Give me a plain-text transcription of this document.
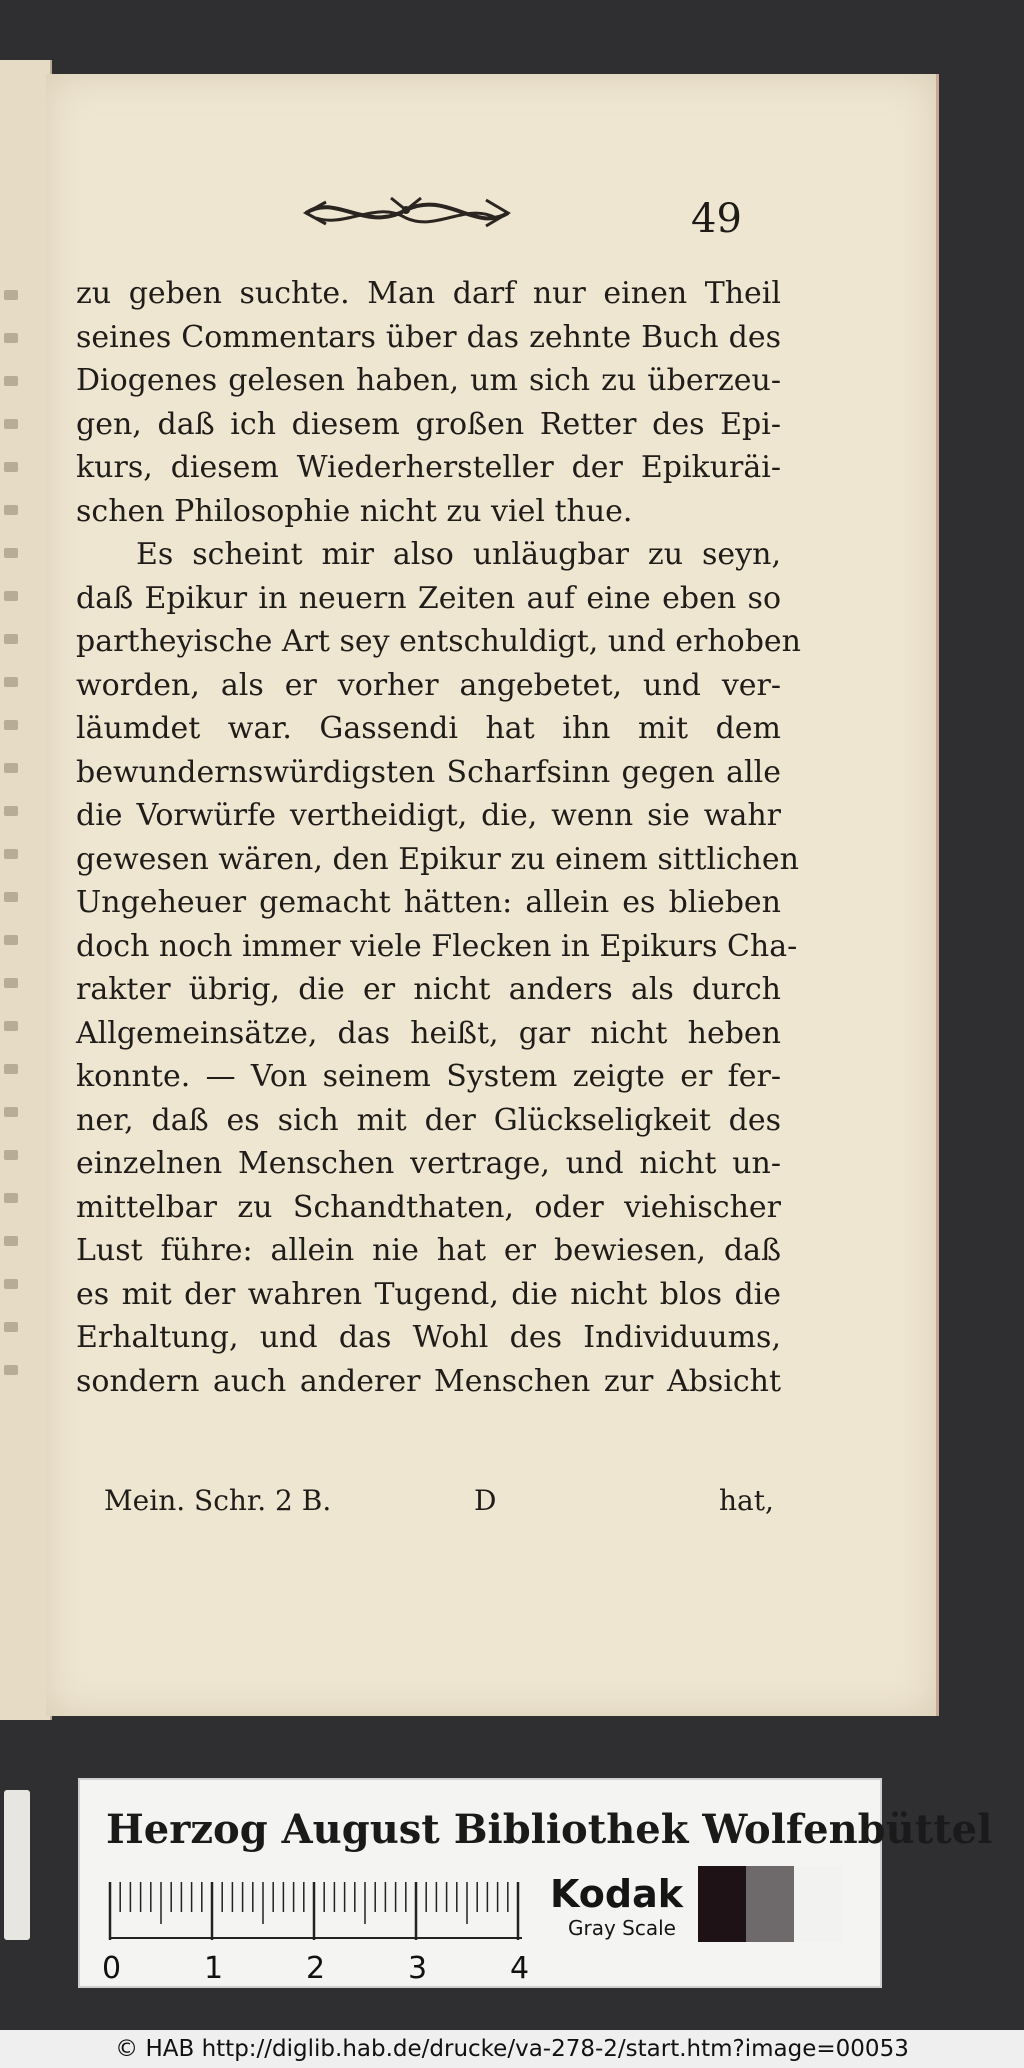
49
zu geben suchte. Man darf nur einen Theil
seines Commentars über das zehnte Buch des
Diogenes gelesen haben, um sich zu überzeu-
gen, daß ich diesem großen Retter des Epi-
kurs, diesem Wiederhersteller der Epikuräi-
schen Philosophie nicht zu viel thue.
Es scheint mir also unläugbar zu seyn,
daß Epikur in neuern Zeiten auf eine eben so
partheyische Art sey entschuldigt, und erhoben
worden, als er vorher angebetet, und ver-
läumdet war. Gassendi hat ihn mit dem
bewundernswürdigsten Scharfsinn gegen alle
die Vorwürfe vertheidigt, die, wenn sie wahr
gewesen wären, den Epikur zu einem sittlichen
Ungeheuer gemacht hätten: allein es blieben
doch noch immer viele Flecken in Epikurs Cha-
rakter übrig, die er nicht anders als durch
Allgemeinsätze, das heißt, gar nicht heben
konnte. — Von seinem System zeigte er fer-
ner, daß es sich mit der Glückseligkeit des
einzelnen Menschen vertrage, und nicht un-
mittelbar zu Schandthaten, oder viehischer
Lust führe: allein nie hat er bewiesen, daß
es mit der wahren Tugend, die nicht blos die
Erhaltung, und das Wohl des Individuums,
sondern auch anderer Menschen zur Absicht
Mein. Schr. 2 B.	D	hat,
Herzog August Bibliothek Wolfenbüttel
0	1	2	3	4
Kodak
Gray Scale
© HAB http://diglib.hab.de/drucke/va-278-2/start.htm?image=00053
